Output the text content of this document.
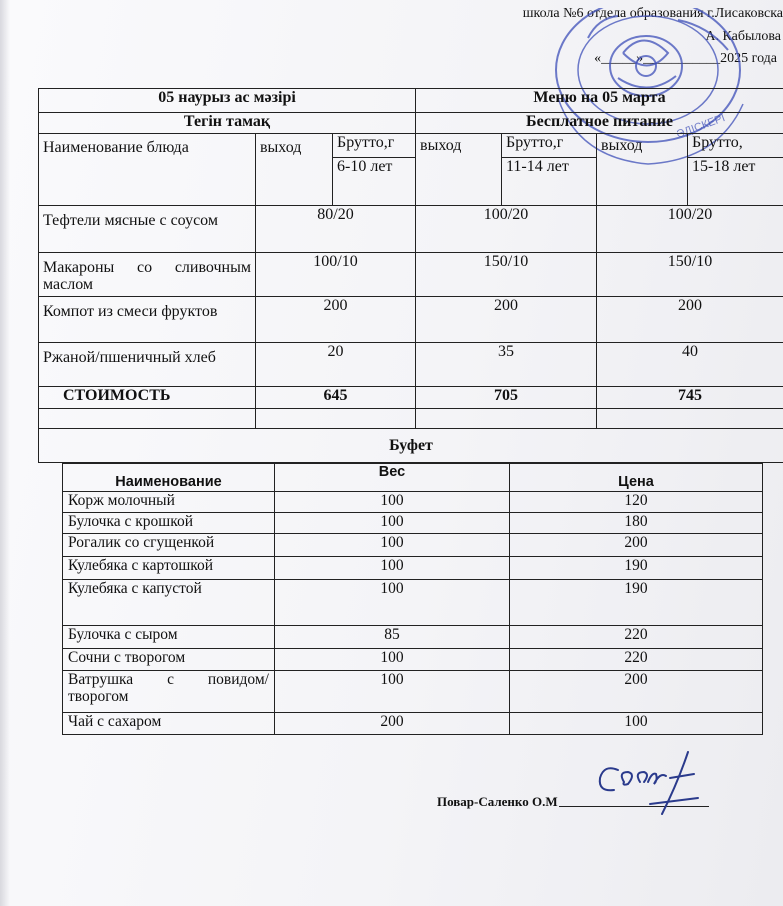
школа №6 отдела образования г.Лисаковска
А. Кабылова
«_____»___________2025 года
ӘДІСКЕРІ
05 наурыз ас мәзірі			Меню на 05 марта			
Тегін тамақ			Бесплатное питание			
Наименование блюда	выход	Брутто,г	выход	Брутто,г	выход	Брутто,
		6-10 лет		11-14 лет		15-18 лет
Тефтели мясные с соусом	80/20		100/20		100/20	
Макароны со сливочным маслом	100/10		150/10		150/10	
Компот из смеси фруктов	200		200		200	
Ржаной/пшеничный хлеб	20		35		40	
СТОИМОСТЬ	645		705		745	

Буфет						
Наименование	Вес	Цена
Корж молочный	100	120
Булочка с крошкой	100	180
Рогалик со сгущенкой	100	200
Кулебяка с картошкой	100	190
Кулебяка с капустой	100	190
Булочка с сыром	85	220
Сочни с творогом	100	220
Ватрушка с повидом/творогом	100	200
Чай с сахаром	200	100
Повар-Саленко О.М
